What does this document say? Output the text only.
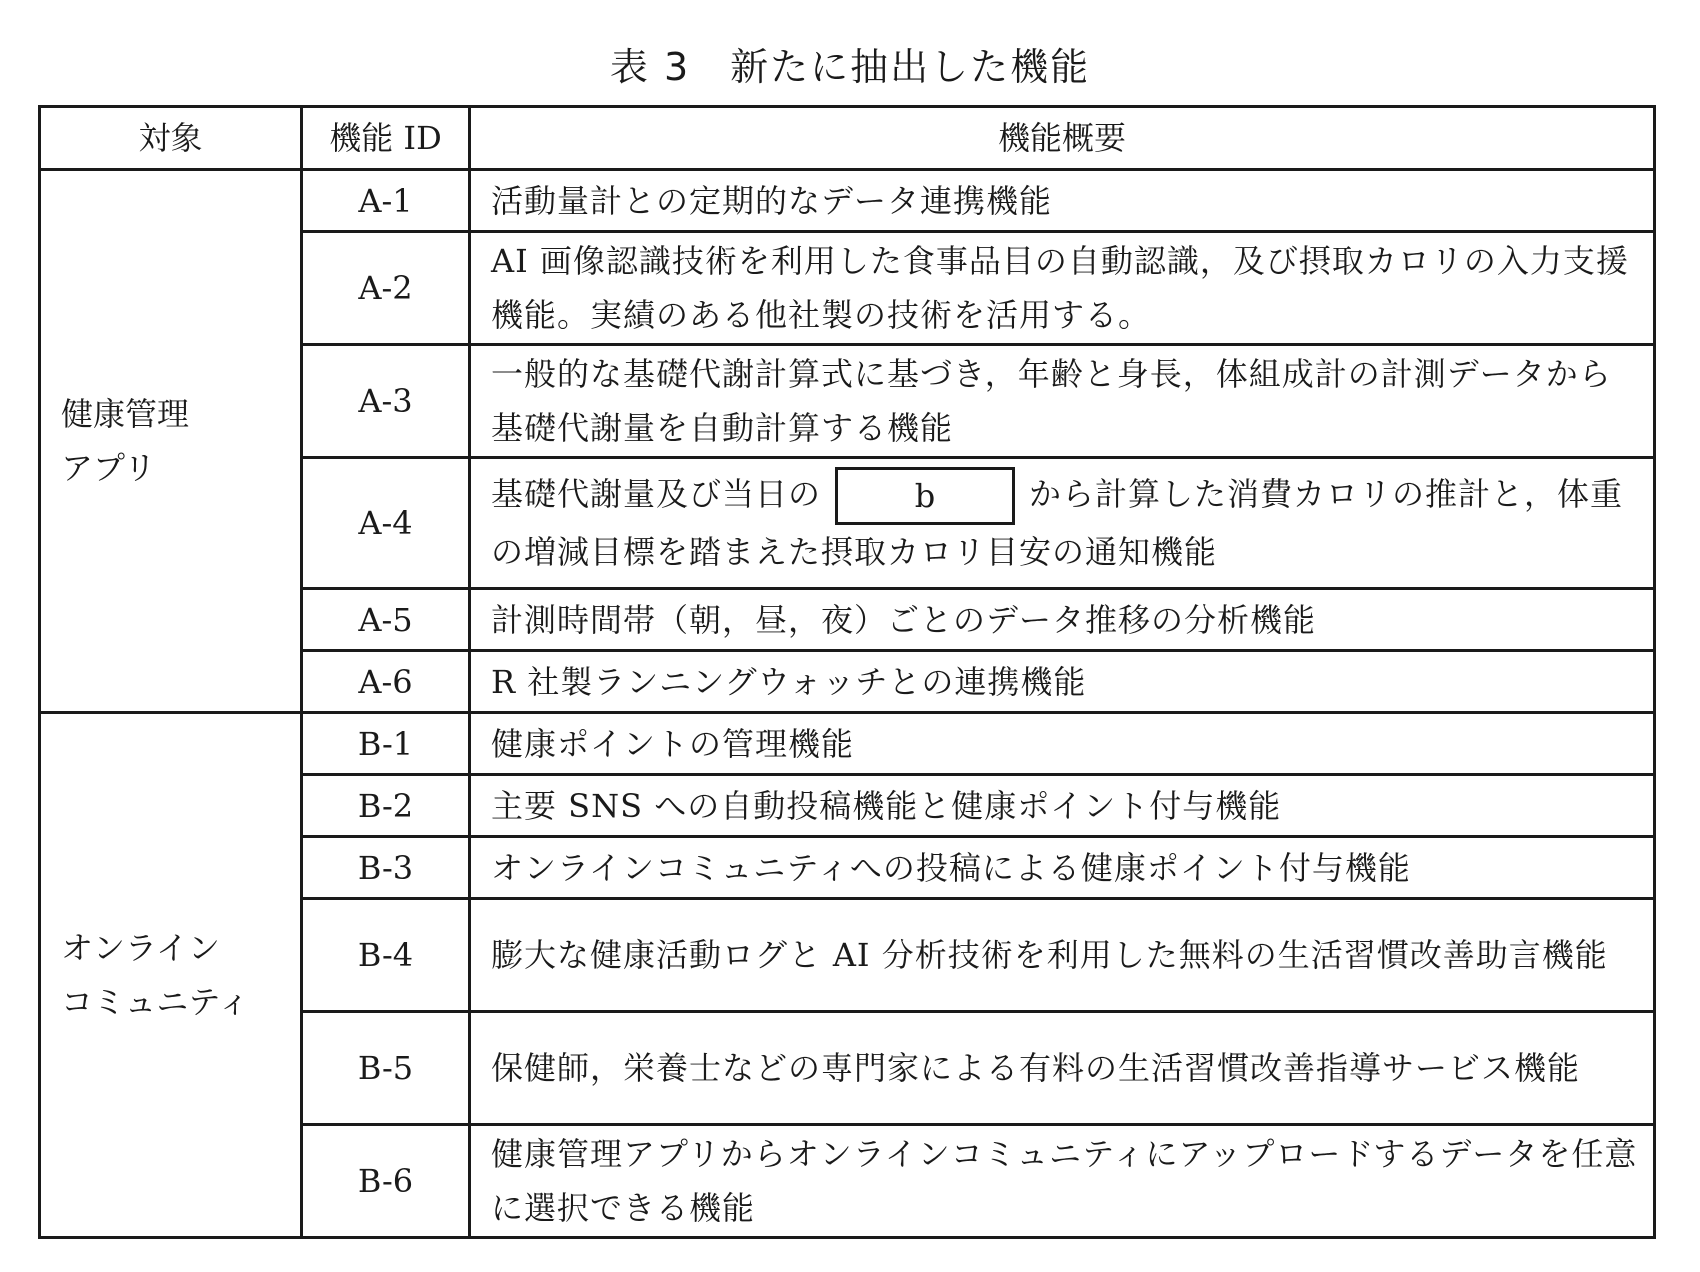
表 3　新たに抽出した機能
対象	機能 ID	機能概要

健康管理
アプリ	A-1	活動量計との定期的なデータ連携機能
	A-2	AI 画像認識技術を利用した食事品目の自動認識，及び摂取カロリの入力支援機能。実績のある他社製の技術を活用する。
	A-3	一般的な基礎代謝計算式に基づき，年齢と身長，体組成計の計測データから基礎代謝量を自動計算する機能
	A-4	基礎代謝量及び当日の b から計算した消費カロリの推計と，体重の増減目標を踏まえた摂取カロリ目安の通知機能
	A-5	計測時間帯（朝，昼，夜）ごとのデータ推移の分析機能
	A-6	R 社製ランニングウォッチとの連携機能

オンライン
コミュニティ	B-1	健康ポイントの管理機能
	B-2	主要 SNS への自動投稿機能と健康ポイント付与機能
	B-3	オンラインコミュニティへの投稿による健康ポイント付与機能
	B-4	膨大な健康活動ログと AI 分析技術を利用した無料の生活習慣改善助言機能
	B-5	保健師，栄養士などの専門家による有料の生活習慣改善指導サービス機能
	B-6	健康管理アプリからオンラインコミュニティにアップロードするデータを任意に選択できる機能
